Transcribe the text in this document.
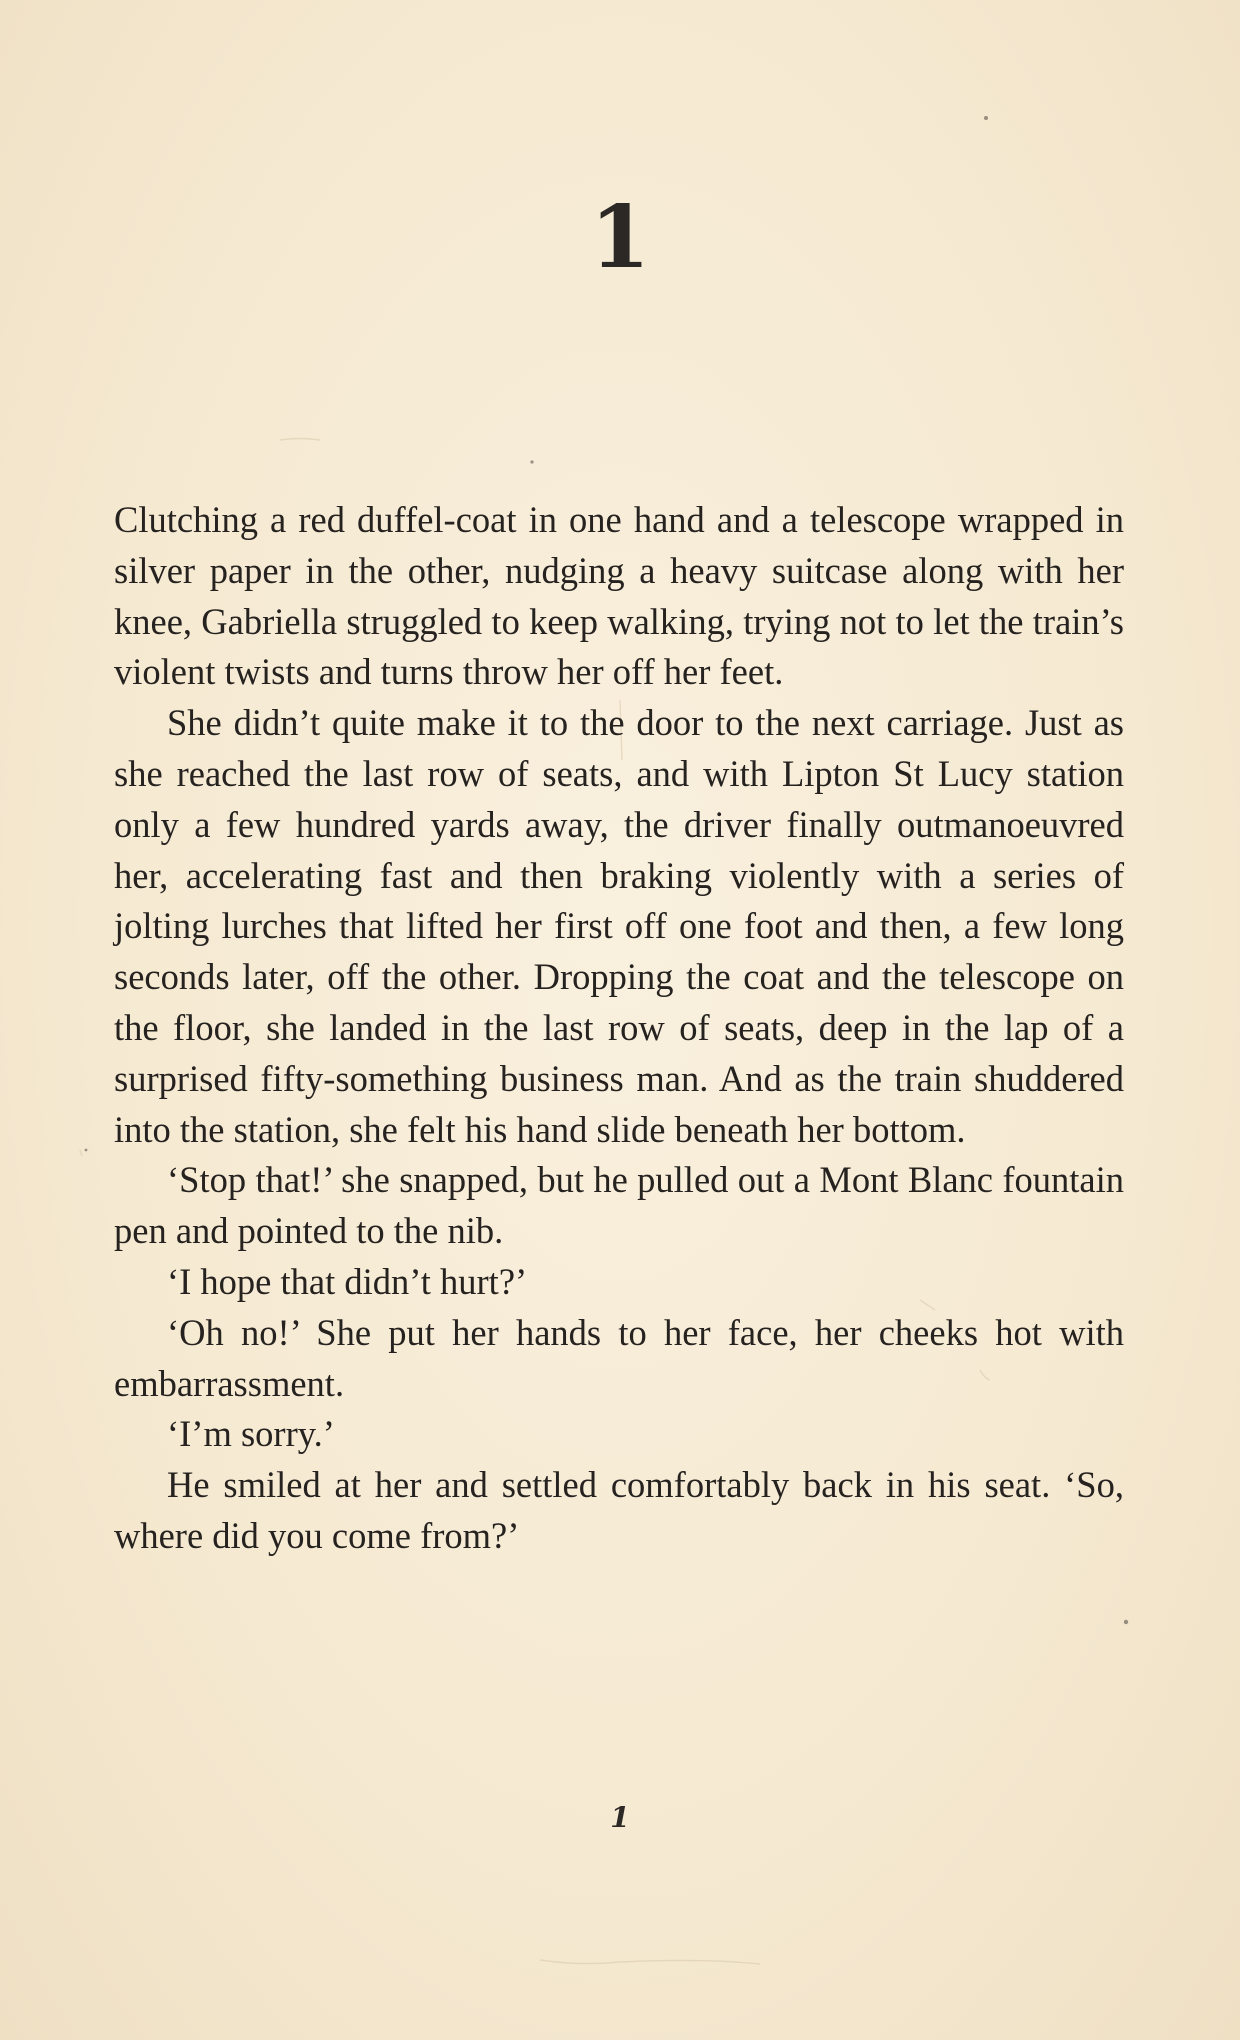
1

Clutching a red duffel-coat in one hand and a telescope wrapped in silver paper in the other, nudging a heavy suitcase along with her knee, Gabriella struggled to keep walking, trying not to let the train’s violent twists and turns throw her off her feet.

She didn’t quite make it to the door to the next carriage. Just as she reached the last row of seats, and with Lipton St Lucy station only a few hundred yards away, the driver finally outmanoeuvred her, accelerating fast and then braking violently with a series of jolting lurches that lifted her first off one foot and then, a few long seconds later, off the other. Dropping the coat and the telescope on the floor, she landed in the last row of seats, deep in the lap of a surprised fifty-something business man. And as the train shuddered into the station, she felt his hand slide beneath her bottom.

‘Stop that!’ she snapped, but he pulled out a Mont Blanc fountain pen and pointed to the nib.

‘I hope that didn’t hurt?’

‘Oh no!’ She put her hands to her face, her cheeks hot with embarrassment.

‘I’m sorry.’

He smiled at her and settled comfortably back in his seat. ‘So, where did you come from?’

1
